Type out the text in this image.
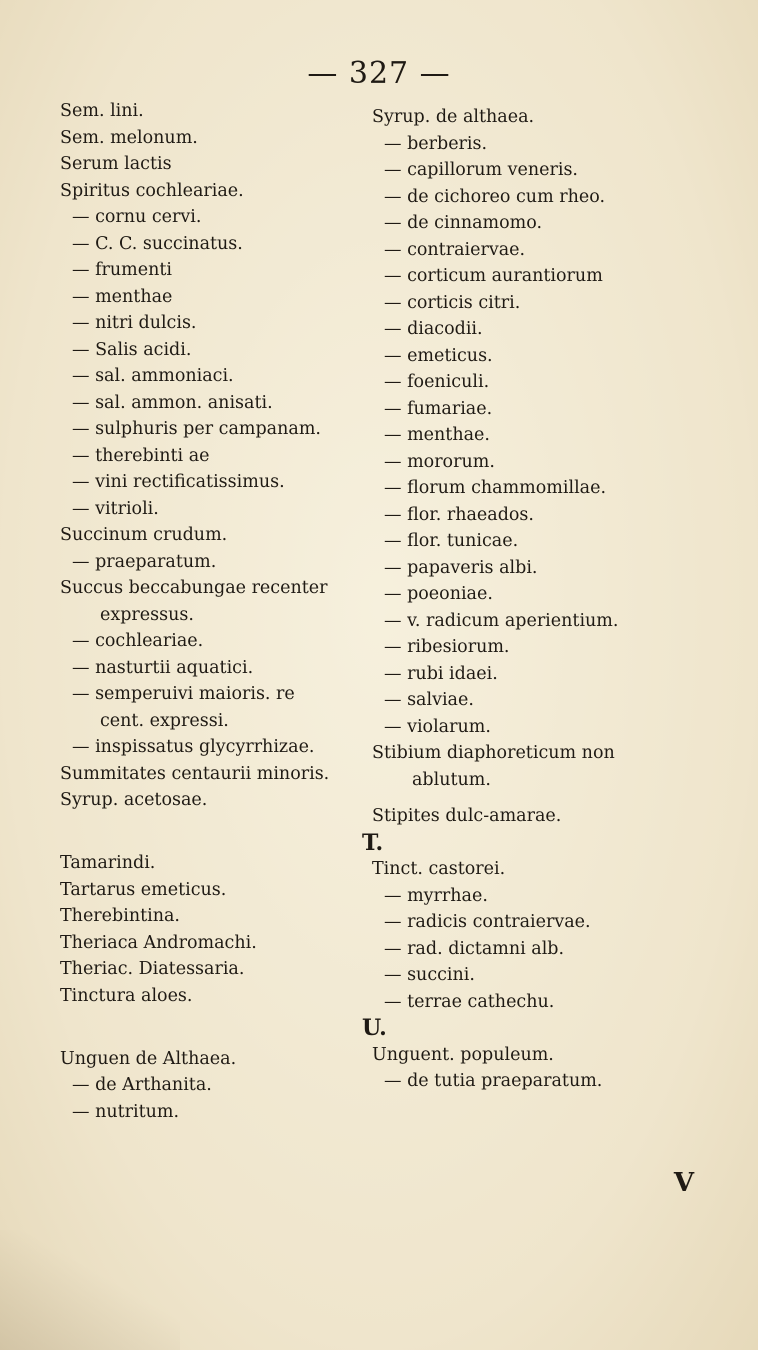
— 327 —
Sem. lini.
Sem. melonum.
Serum lactis
Spiritus cochleariae.
— cornu cervi.
— C. C. succinatus.
— frumenti
— menthae
— nitri dulcis.
— Salis acidi.
— sal. ammoniaci.
— sal. ammon. anisati.
— sulphuris per campanam.
— therebinti ae
— vini rectificatissimus.
— vitrioli.
Succinum crudum.
— praeparatum.
Succus beccabungae recenter
expressus.
— cochleariae.
— nasturtii aquatici.
— semperuivi maioris. re
cent. expressi.
— inspissatus glycyrrhizae.
Summitates centaurii minoris.
Syrup. acetosae.
Tamarindi.
Tartarus emeticus.
Therebintina.
Theriaca Andromachi.
Theriac. Diatessaria.
Tinctura aloes.
Unguen de Althaea.
— de Arthanita.
— nutritum.
Syrup. de althaea.
— berberis.
— capillorum veneris.
— de cichoreo cum rheo.
— de cinnamomo.
— contraiervae.
— corticum aurantiorum
— corticis citri.
— diacodii.
— emeticus.
— foeniculi.
— fumariae.
— menthae.
— mororum.
— florum chammomillae.
— flor. rhaeados.
— flor. tunicae.
— papaveris albi.
— poeoniae.
— v. radicum aperientium.
— ribesiorum.
— rubi idaei.
— salviae.
— violarum.
Stibium diaphoreticum non
ablutum.
Stipites dulc-amarae.
T.
Tinct. castorei.
— myrrhae.
— radicis contraiervae.
— rad. dictamni alb.
— succini.
— terrae cathechu.
U.
Unguent. populeum.
— de tutia praeparatum.
V
